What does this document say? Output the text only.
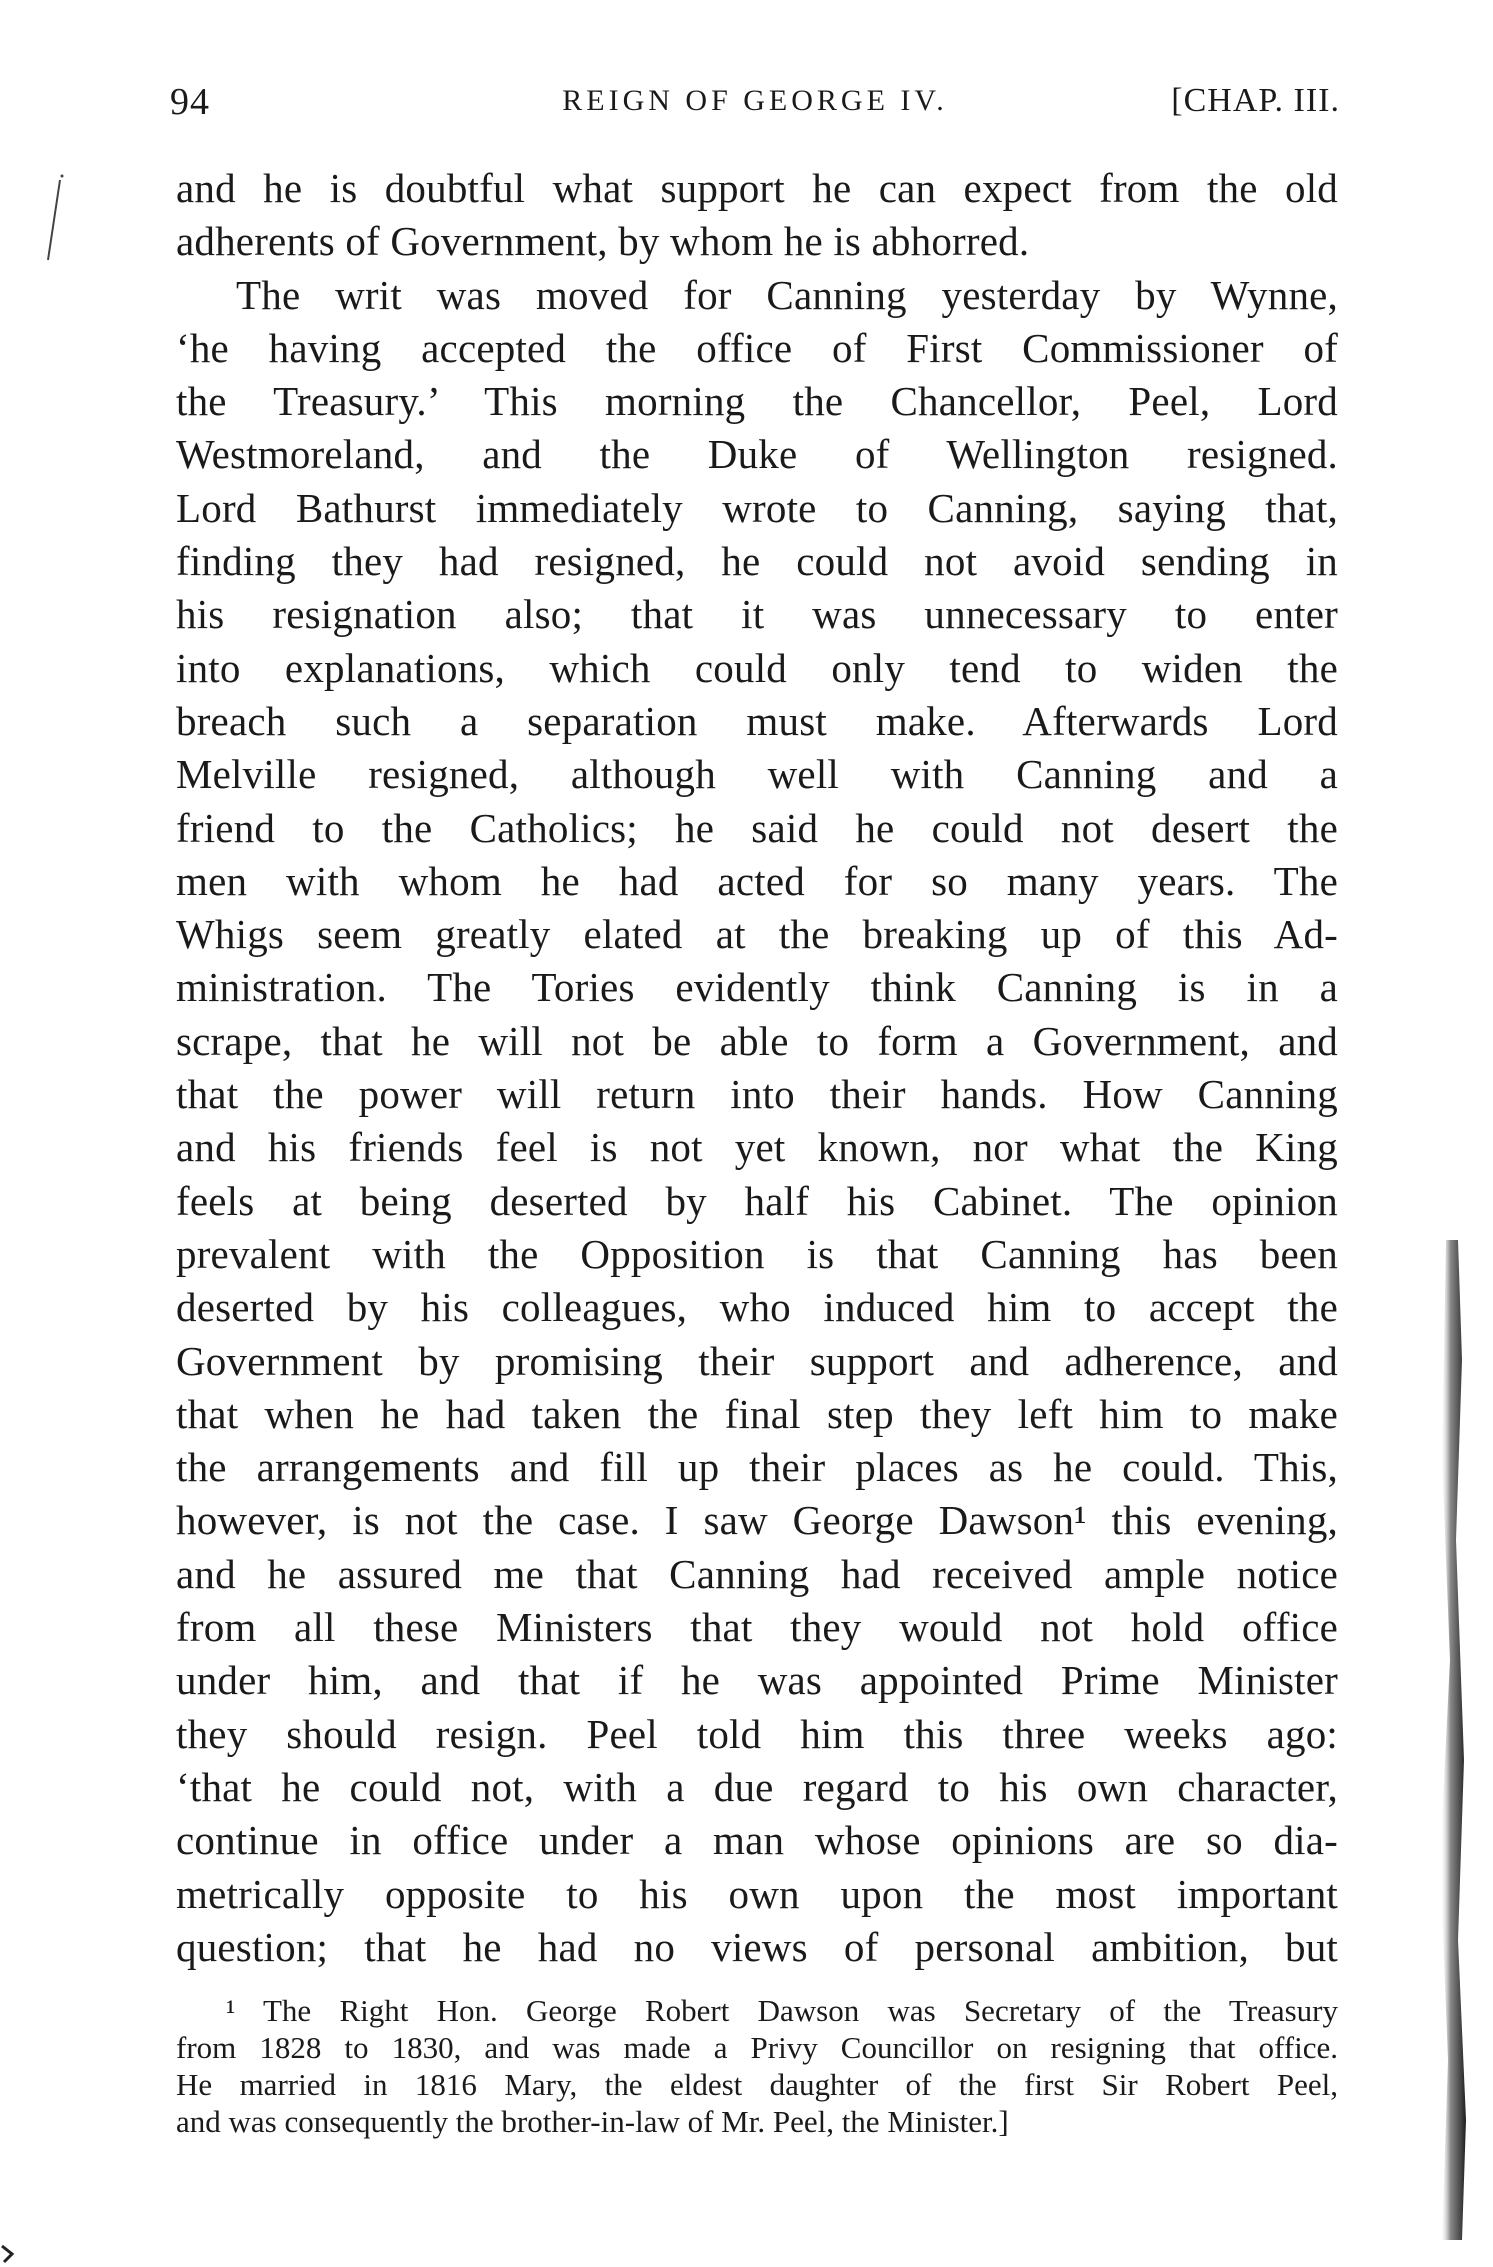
94	REIGN OF GEORGE IV.	[CHAP. III.
and he is doubtful what support he can expect from the old
adherents of Government, by whom he is abhorred.
The writ was moved for Canning yesterday by Wynne,
‘he having accepted the office of First Commissioner of
the Treasury.’ This morning the Chancellor, Peel, Lord
Westmoreland, and the Duke of Wellington resigned.
Lord Bathurst immediately wrote to Canning, saying that,
finding they had resigned, he could not avoid sending in
his resignation also; that it was unnecessary to enter
into explanations, which could only tend to widen the
breach such a separation must make. Afterwards Lord
Melville resigned, although well with Canning and a
friend to the Catholics; he said he could not desert the
men with whom he had acted for so many years. The
Whigs seem greatly elated at the breaking up of this Ad-
ministration. The Tories evidently think Canning is in a
scrape, that he will not be able to form a Government, and
that the power will return into their hands. How Canning
and his friends feel is not yet known, nor what the King
feels at being deserted by half his Cabinet. The opinion
prevalent with the Opposition is that Canning has been
deserted by his colleagues, who induced him to accept the
Government by promising their support and adherence, and
that when he had taken the final step they left him to make
the arrangements and fill up their places as he could. This,
however, is not the case. I saw George Dawson¹ this evening,
and he assured me that Canning had received ample notice
from all these Ministers that they would not hold office
under him, and that if he was appointed Prime Minister
they should resign. Peel told him this three weeks ago:
‘that he could not, with a due regard to his own character,
continue in office under a man whose opinions are so dia-
metrically opposite to his own upon the most important
question; that he had no views of personal ambition, but
¹ The Right Hon. George Robert Dawson was Secretary of the Treasury
from 1828 to 1830, and was made a Privy Councillor on resigning that office.
He married in 1816 Mary, the eldest daughter of the first Sir Robert Peel,
and was consequently the brother-in-law of Mr. Peel, the Minister.]
